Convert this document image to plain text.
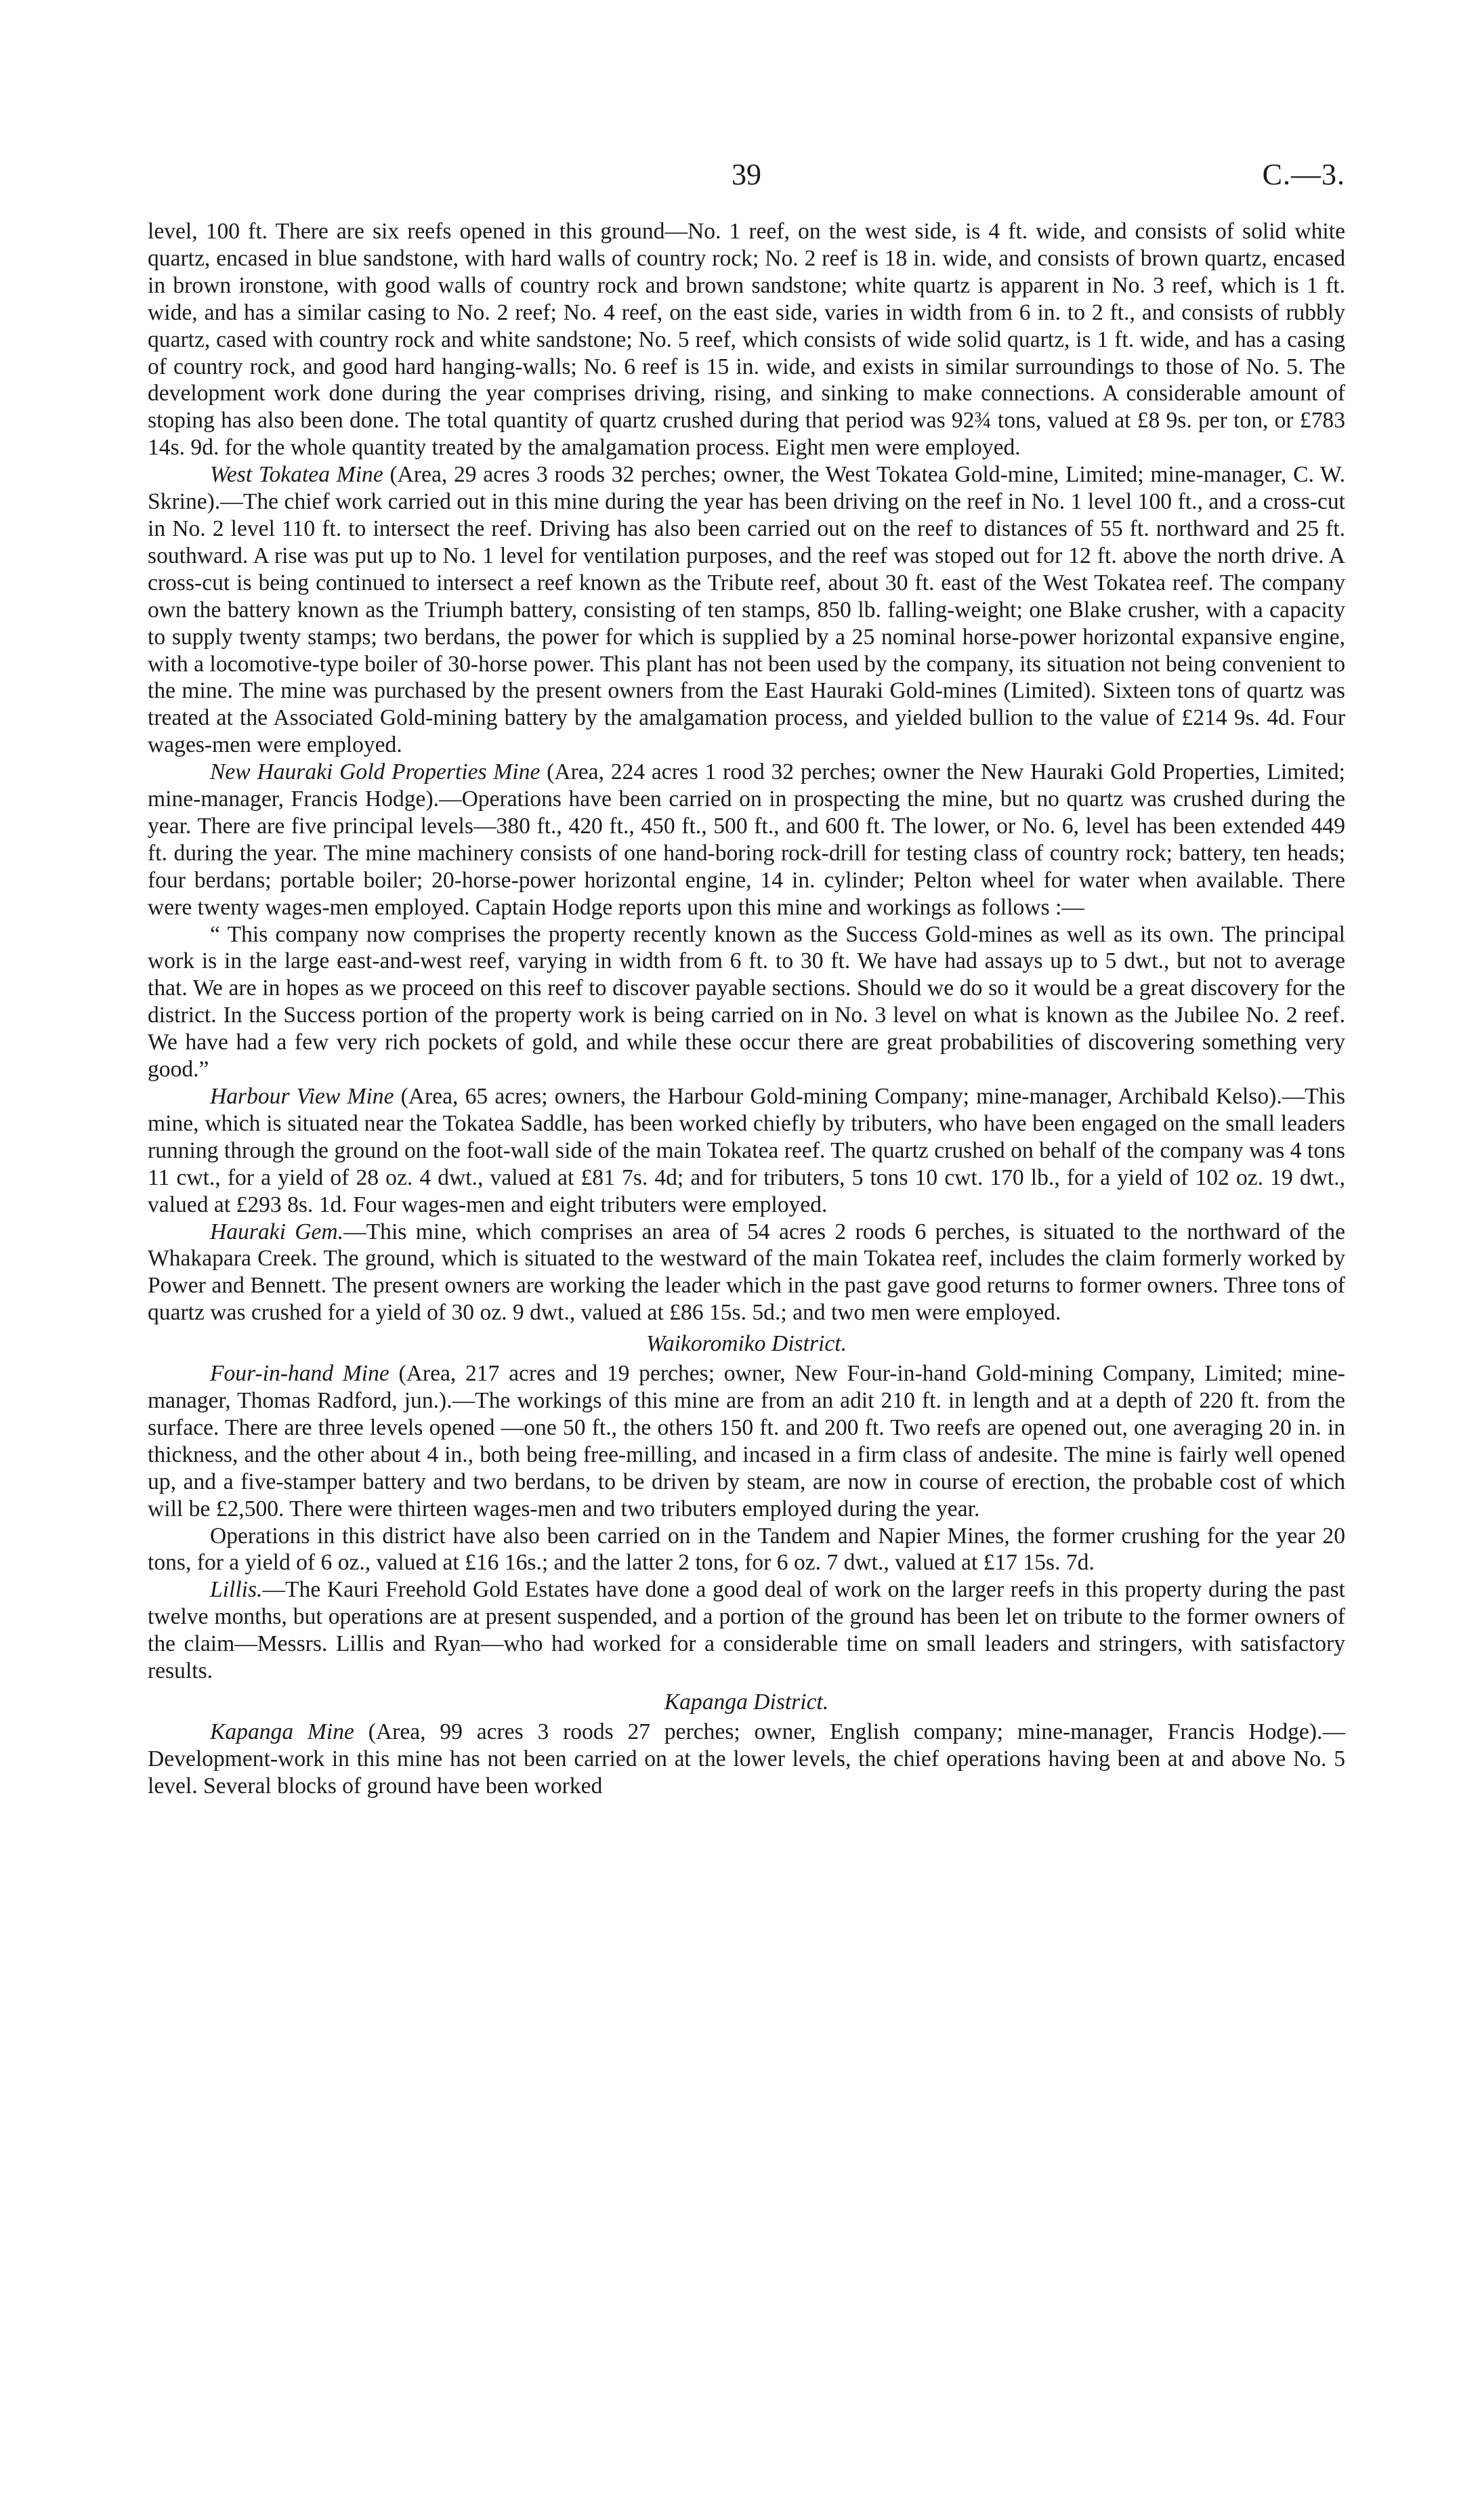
39	C.—3.

level, 100 ft. There are six reefs opened in this ground—No. 1 reef, on the west side, is 4 ft. wide, and consists of solid white quartz, encased in blue sandstone, with hard walls of country rock; No. 2 reef is 18 in. wide, and consists of brown quartz, encased in brown ironstone, with good walls of country rock and brown sandstone; white quartz is apparent in No. 3 reef, which is 1 ft. wide, and has a similar casing to No. 2 reef; No. 4 reef, on the east side, varies in width from 6 in. to 2 ft., and consists of rubbly quartz, cased with country rock and white sandstone; No. 5 reef, which consists of wide solid quartz, is 1 ft. wide, and has a casing of country rock, and good hard hanging-walls; No. 6 reef is 15 in. wide, and exists in similar surroundings to those of No. 5. The development work done during the year comprises driving, rising, and sinking to make connections. A considerable amount of stoping has also been done. The total quantity of quartz crushed during that period was 92¾ tons, valued at £8 9s. per ton, or £783 14s. 9d. for the whole quantity treated by the amalgamation process. Eight men were employed.

West Tokatea Mine (Area, 29 acres 3 roods 32 perches; owner, the West Tokatea Gold-mine, Limited; mine-manager, C. W. Skrine).—The chief work carried out in this mine during the year has been driving on the reef in No. 1 level 100 ft., and a cross-cut in No. 2 level 110 ft. to intersect the reef. Driving has also been carried out on the reef to distances of 55 ft. northward and 25 ft. southward. A rise was put up to No. 1 level for ventilation purposes, and the reef was stoped out for 12 ft. above the north drive. A cross-cut is being continued to intersect a reef known as the Tribute reef, about 30 ft. east of the West Tokatea reef. The company own the battery known as the Triumph battery, consisting of ten stamps, 850 lb. falling-weight; one Blake crusher, with a capacity to supply twenty stamps; two berdans, the power for which is supplied by a 25 nominal horse-power horizontal expansive engine, with a locomotive-type boiler of 30-horse power. This plant has not been used by the company, its situation not being convenient to the mine. The mine was purchased by the present owners from the East Hauraki Gold-mines (Limited). Sixteen tons of quartz was treated at the Associated Gold-mining battery by the amalgamation process, and yielded bullion to the value of £214 9s. 4d. Four wages-men were employed.

New Hauraki Gold Properties Mine (Area, 224 acres 1 rood 32 perches; owner the New Hauraki Gold Properties, Limited; mine-manager, Francis Hodge).—Operations have been carried on in prospecting the mine, but no quartz was crushed during the year. There are five principal levels—380 ft., 420 ft., 450 ft., 500 ft., and 600 ft. The lower, or No. 6, level has been extended 449 ft. during the year. The mine machinery consists of one hand-boring rock-drill for testing class of country rock; battery, ten heads; four berdans; portable boiler; 20-horse-power horizontal engine, 14 in. cylinder; Pelton wheel for water when available. There were twenty wages-men employed. Captain Hodge reports upon this mine and workings as follows :—

“ This company now comprises the property recently known as the Success Gold-mines as well as its own. The principal work is in the large east-and-west reef, varying in width from 6 ft. to 30 ft. We have had assays up to 5 dwt., but not to average that. We are in hopes as we proceed on this reef to discover payable sections. Should we do so it would be a great discovery for the district. In the Success portion of the property work is being carried on in No. 3 level on what is known as the Jubilee No. 2 reef. We have had a few very rich pockets of gold, and while these occur there are great probabilities of discovering something very good.”

Harbour View Mine (Area, 65 acres; owners, the Harbour Gold-mining Company; mine-manager, Archibald Kelso).—This mine, which is situated near the Tokatea Saddle, has been worked chiefly by tributers, who have been engaged on the small leaders running through the ground on the foot-wall side of the main Tokatea reef. The quartz crushed on behalf of the company was 4 tons 11 cwt., for a yield of 28 oz. 4 dwt., valued at £81 7s. 4d; and for tributers, 5 tons 10 cwt. 170 lb., for a yield of 102 oz. 19 dwt., valued at £293 8s. 1d. Four wages-men and eight tributers were employed.

Hauraki Gem.—This mine, which comprises an area of 54 acres 2 roods 6 perches, is situated to the northward of the Whakapara Creek. The ground, which is situated to the westward of the main Tokatea reef, includes the claim formerly worked by Power and Bennett. The present owners are working the leader which in the past gave good returns to former owners. Three tons of quartz was crushed for a yield of 30 oz. 9 dwt., valued at £86 15s. 5d.; and two men were employed.

Waikoromiko District.

Four-in-hand Mine (Area, 217 acres and 19 perches; owner, New Four-in-hand Gold-mining Company, Limited; mine-manager, Thomas Radford, jun.).—The workings of this mine are from an adit 210 ft. in length and at a depth of 220 ft. from the surface. There are three levels opened —one 50 ft., the others 150 ft. and 200 ft. Two reefs are opened out, one averaging 20 in. in thickness, and the other about 4 in., both being free-milling, and incased in a firm class of andesite. The mine is fairly well opened up, and a five-stamper battery and two berdans, to be driven by steam, are now in course of erection, the probable cost of which will be £2,500. There were thirteen wages-men and two tributers employed during the year.

Operations in this district have also been carried on in the Tandem and Napier Mines, the former crushing for the year 20 tons, for a yield of 6 oz., valued at £16 16s.; and the latter 2 tons, for 6 oz. 7 dwt., valued at £17 15s. 7d.

Lillis.—The Kauri Freehold Gold Estates have done a good deal of work on the larger reefs in this property during the past twelve months, but operations are at present suspended, and a portion of the ground has been let on tribute to the former owners of the claim—Messrs. Lillis and Ryan—who had worked for a considerable time on small leaders and stringers, with satisfactory results.

Kapanga District.

Kapanga Mine (Area, 99 acres 3 roods 27 perches; owner, English company; mine-manager, Francis Hodge).—Development-work in this mine has not been carried on at the lower levels, the chief operations having been at and above No. 5 level. Several blocks of ground have been worked
